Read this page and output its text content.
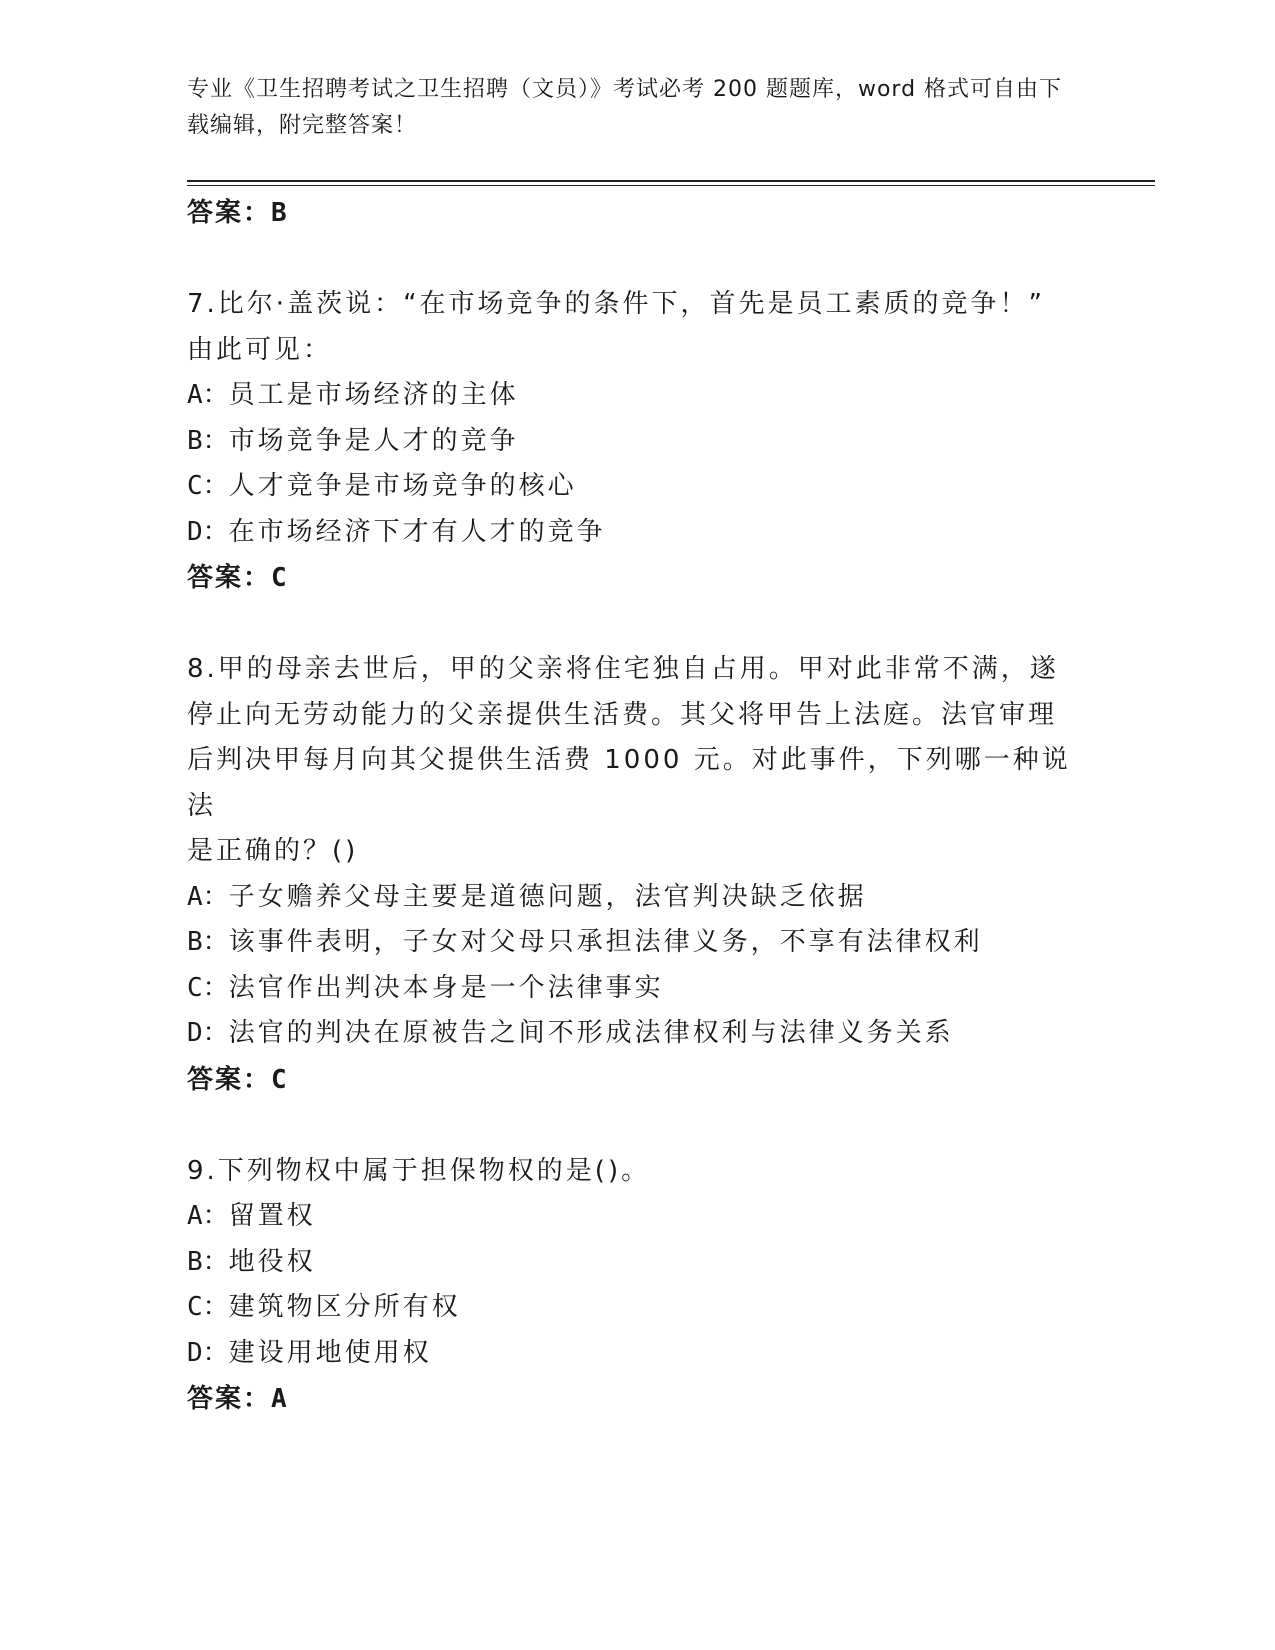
专业《卫生招聘考试之卫生招聘（文员）》考试必考 200 题题库，word 格式可自由下载编辑，附完整答案！
答案：B
7.比尔·盖茨说：“在市场竞争的条件下，首先是员工素质的竞争！”
由此可见：
A：员工是市场经济的主体
B：市场竞争是人才的竞争
C：人才竞争是市场竞争的核心
D：在市场经济下才有人才的竞争
答案：C
8.甲的母亲去世后，甲的父亲将住宅独自占用。甲对此非常不满，遂
停止向无劳动能力的父亲提供生活费。其父将甲告上法庭。法官审理
后判决甲每月向其父提供生活费 1000 元。对此事件，下列哪一种说法
是正确的？()
A：子女赡养父母主要是道德问题，法官判决缺乏依据
B：该事件表明，子女对父母只承担法律义务，不享有法律权利
C：法官作出判决本身是一个法律事实
D：法官的判决在原被告之间不形成法律权利与法律义务关系
答案：C
9.下列物权中属于担保物权的是()。
A：留置权
B：地役权
C：建筑物区分所有权
D：建设用地使用权
答案：A
